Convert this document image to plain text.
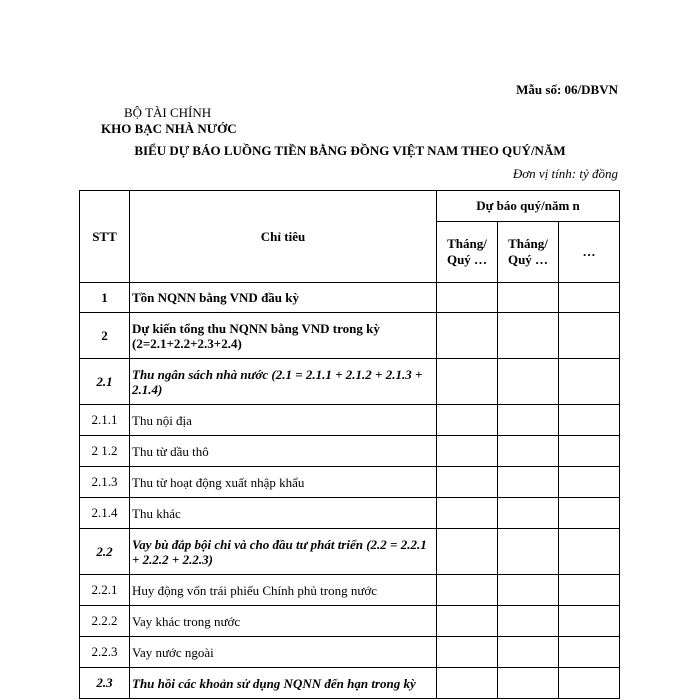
Mẫu số: 06/DBVN
BỘ TÀI CHÍNH
KHO BẠC NHÀ NƯỚC
BIỂU DỰ BÁO LUỒNG TIỀN BẰNG ĐỒNG VIỆT NAM THEO QUÝ/NĂM
Đơn vị tính: tỷ đồng
STT	Chỉ tiêu	Dự báo quý/năm n		
		Tháng/ Quý …	Tháng/ Quý …	…
1	Tồn NQNN bằng VND đầu kỳ			
2	Dự kiến tổng thu NQNN bằng VND trong kỳ (2=2.1+2.2+2.3+2.4)			
2.1	Thu ngân sách nhà nước (2.1 = 2.1.1 + 2.1.2 + 2.1.3 + 2.1.4)			
2.1.1	Thu nội địa			
2 1.2	Thu từ dầu thô			
2.1.3	Thu từ hoạt động xuất nhập khẩu			
2.1.4	Thu khác			
2.2	Vay bù đắp bội chi và cho đầu tư phát triển (2.2 = 2.2.1 + 2.2.2 + 2.2.3)			
2.2.1	Huy động vốn trái phiếu Chính phủ trong nước			
2.2.2	Vay khác trong nước			
2.2.3	Vay nước ngoài			
2.3	Thu hồi các khoản sử dụng NQNN đến hạn trong kỳ			
